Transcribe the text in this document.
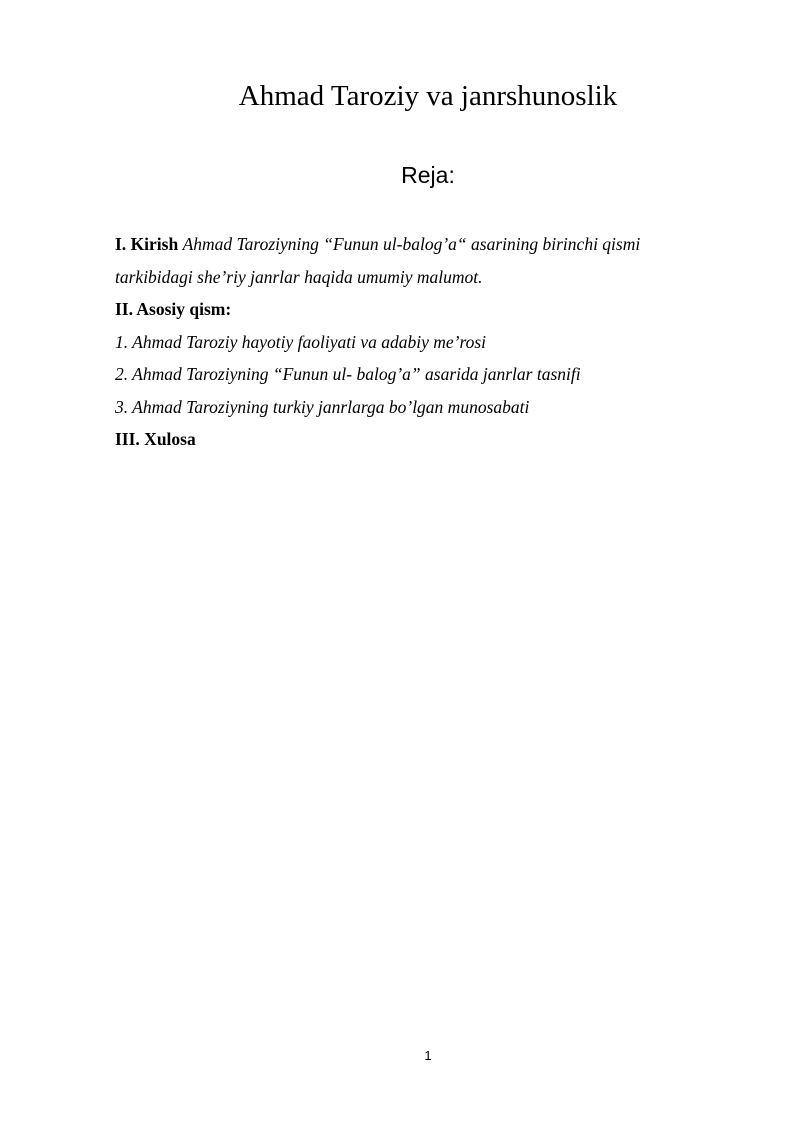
Ahmad Taroziy va janrshunoslik
Reja:

I. Kirish Ahmad Taroziyning “Funun ul-balog’a“ asarining birinchi qismi

tarkibidagi she’riy janrlar haqida umumiy malumot.

II. Asosiy qism:

1. Ahmad Taroziy hayotiy faoliyati va adabiy me’rosi

2. Ahmad Taroziyning “Funun ul- balog’a” asarida janrlar tasnifi

3. Ahmad Taroziyning turkiy janrlarga bo’lgan munosabati

III. Xulosa

1
